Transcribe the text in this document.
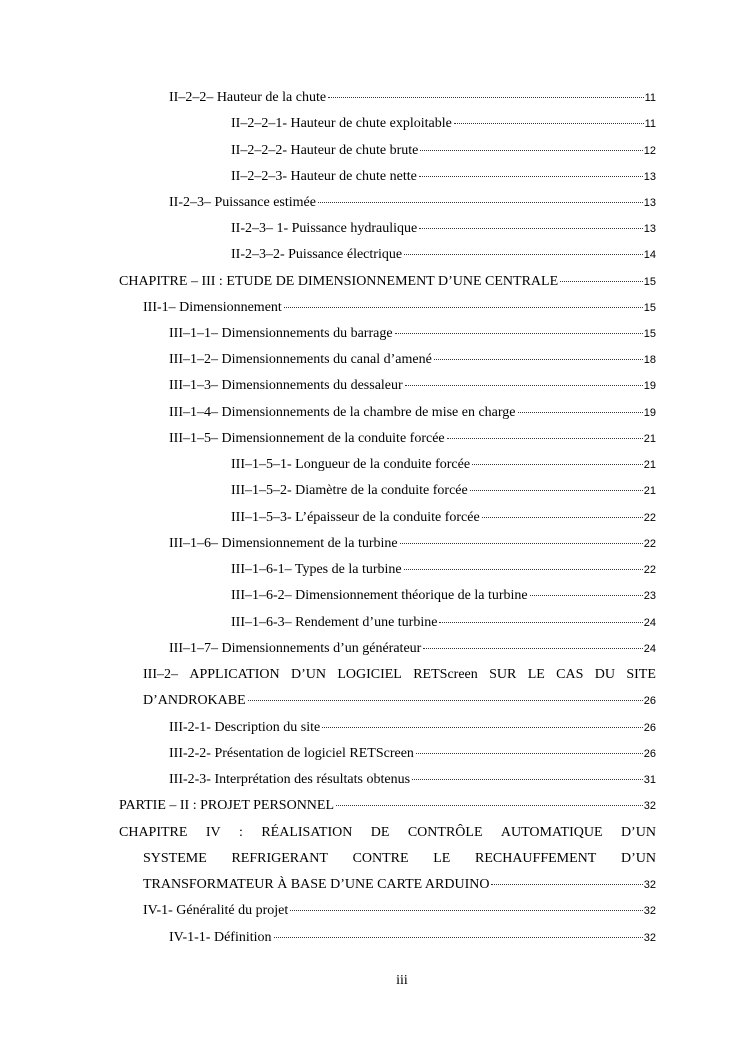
II–2–2– Hauteur de la chute	11
II–2–2–1- Hauteur de chute exploitable	11
II–2–2–2- Hauteur de chute brute	12
II–2–2–3- Hauteur de chute nette	13
II-2–3– Puissance estimée	13
II-2–3– 1- Puissance hydraulique	13
II-2–3–2- Puissance électrique	14
CHAPITRE – III : ETUDE DE DIMENSIONNEMENT D’UNE CENTRALE	15
III-1– Dimensionnement	15
III–1–1– Dimensionnements du barrage	15
III–1–2– Dimensionnements du canal d’amené	18
III–1–3– Dimensionnements du dessaleur	19
III–1–4– Dimensionnements de la chambre de mise en charge	19
III–1–5– Dimensionnement de la conduite forcée	21
III–1–5–1- Longueur de la conduite forcée	21
III–1–5–2- Diamètre de la conduite forcée	21
III–1–5–3- L’épaisseur de la conduite forcée	22
III–1–6– Dimensionnement de la turbine	22
III–1–6-1– Types de la turbine	22
III–1–6-2– Dimensionnement théorique de la turbine	23
III–1–6-3– Rendement d’une turbine	24
III–1–7– Dimensionnements d’un générateur	24
III–2– APPLICATION D’UN LOGICIEL RETScreen SUR LE CAS DU SITE
D’ANDROKABE	26
III-2-1- Description du site	26
III-2-2- Présentation de logiciel RETScreen	26
III-2-3- Interprétation des résultats obtenus	31
PARTIE – II : PROJET PERSONNEL	32
CHAPITRE IV : RÉALISATION DE CONTRÔLE AUTOMATIQUE D’UN
SYSTEME REFRIGERANT CONTRE LE RECHAUFFEMENT D’UN
TRANSFORMATEUR À BASE D’UNE CARTE ARDUINO	32
IV-1- Généralité du projet	32
IV-1-1- Définition	32
iii
